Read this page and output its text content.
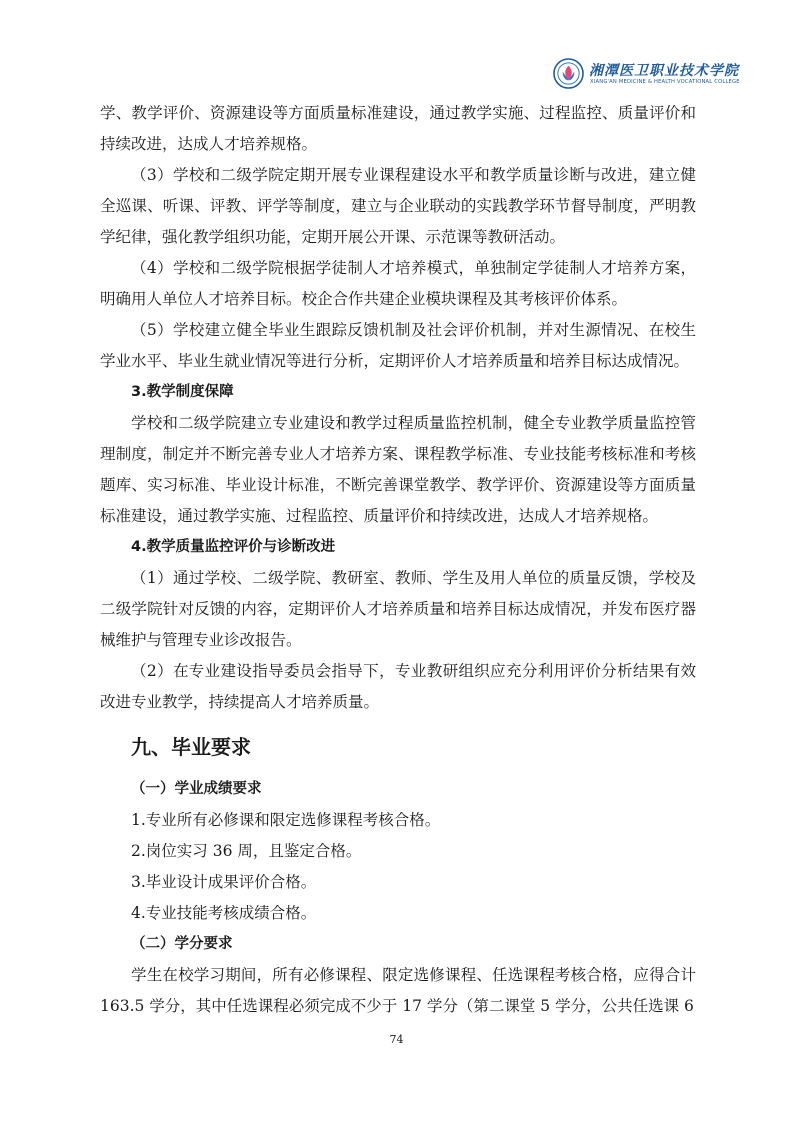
湘潭医卫职业技术学院
XIANG'AN MEDICINE & HEALTH VOCATIONAL COLLEGE

学、教学评价、资源建设等方面质量标准建设，通过教学实施、过程监控、质量评价和持续改进，达成人才培养规格。

（3）学校和二级学院定期开展专业课程建设水平和教学质量诊断与改进，建立健全巡课、听课、评教、评学等制度，建立与企业联动的实践教学环节督导制度，严明教学纪律，强化教学组织功能，定期开展公开课、示范课等教研活动。

（4）学校和二级学院根据学徒制人才培养模式，单独制定学徒制人才培养方案，明确用人单位人才培养目标。校企合作共建企业模块课程及其考核评价体系。

（5）学校建立健全毕业生跟踪反馈机制及社会评价机制，并对生源情况、在校生学业水平、毕业生就业情况等进行分析，定期评价人才培养质量和培养目标达成情况。

3.教学制度保障

学校和二级学院建立专业建设和教学过程质量监控机制，健全专业教学质量监控管理制度，制定并不断完善专业人才培养方案、课程教学标准、专业技能考核标准和考核题库、实习标准、毕业设计标准，不断完善课堂教学、教学评价、资源建设等方面质量标准建设，通过教学实施、过程监控、质量评价和持续改进，达成人才培养规格。

4.教学质量监控评价与诊断改进

（1）通过学校、二级学院、教研室、教师、学生及用人单位的质量反馈，学校及二级学院针对反馈的内容，定期评价人才培养质量和培养目标达成情况，并发布医疗器械维护与管理专业诊改报告。

（2）在专业建设指导委员会指导下，专业教研组织应充分利用评价分析结果有效改进专业教学，持续提高人才培养质量。

九、毕业要求

（一）学业成绩要求

1.专业所有必修课和限定选修课程考核合格。

2.岗位实习 36 周，且鉴定合格。

3.毕业设计成果评价合格。

4.专业技能考核成绩合格。

（二）学分要求

学生在校学习期间，所有必修课程、限定选修课程、任选课程考核合格，应得合计 163.5 学分，其中任选课程必须完成不少于 17 学分（第二课堂 5 学分，公共任选课 6

74
